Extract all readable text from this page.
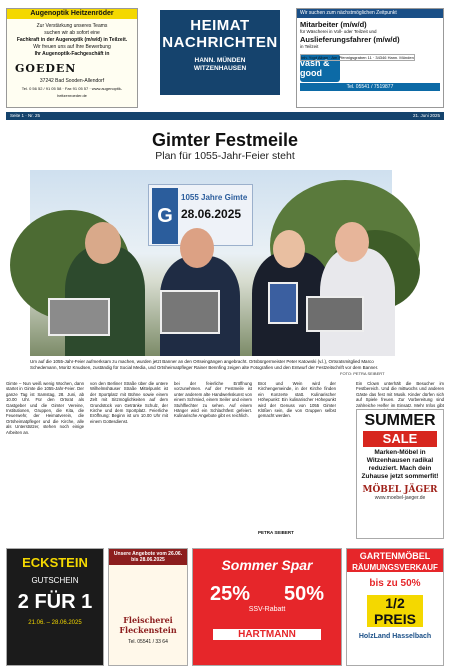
Augenoptik Heitzenröder
Zur Verstärkung unseres Teams
suchen wir ab sofort eine
Fachkraft in der Augenoptik (m/w/d) in Teilzeit.
Wir freuen uns auf Ihre Bewerbung
Ihr Augenoptik-Fachgeschäft in
GOEDEN
37242 Bad Sooden-Allendorf
Tel. 0 56 52 / 91 05 58 · Fax 91 05 57 · www.augenoptik-heitzenroeder.de
HEIMAT
NACHRICHTEN
HANN. MÜNDEN
WITZENHAUSEN
Wir suchen zum nächstmöglichen Zeitpunkt
Mitarbeiter (m/w/d)
für Wäscherei in Voll- oder Teilzeit und
Auslieferungsfahrer (m/w/d)
in Teilzeit
vash & good
Inh. Yıgıt Alban · Am Pfennigsgraben 11 · 34346 Hann. Münden
Tel. 05541 / 7519877
Seite 1 · Nr. 25	21. Juni 2025
Gimter Festmeile
Plan für 1055-Jahr-Feier steht
G
1055 Jahre Gimte
28.06.2025
Um auf die 1055-Jahr-Feier aufmerksam zu machen, wurden jetzt Banner an den Ortseingängen angebracht. Ortsbürgermeister Peter Katowski (v.l.), Ortsratsmitglied Marco Schedemann, Moritz Knudsen, zuständig für Social Media, und Ortsheimatpfleger Rainer Bennfing zeigen alte Fotografien und den Entwurf der Festzeitschrift vor dem Banner.
FOTO: PETRA SEIBERT
Gimte – Nun weiß wenig Wochen, dann startet in Gimte die 1055-Jahr-Feier. Der ganze Tag ist Samstag, 28. Juni, ab 10.00 Uhr. Für den Ortsrat als Gastgeber und die Gimter Vereine, Institutionen, Gruppen, die Kita, die Feuerwehr, der Heimatverein, die Ortsheimatpfleger und die Kirche, alle als Unterstützer, stehen noch einige Arbeiten an.
von den Berliner Straße über die untere Wilhelmshäuser Straße Mittelpunkt ist der Sportplatz mit Bühne sowie einem Zelt mit Sitzmöglichkeiten auf dem Grundstück von Getränke Schulz, der Kirche und dem Sportplatz. Feierliche Eröffnung: Beginn ist um 10.00 Uhr mit einem Gottesdienst.
bei der feierliche Eröffnung vorzunehmen. Auf der Festmeile ist unter anderem alte Handwerkskunst von einem Schmied, einem Seiler und einem Stuhlflechter zu sehen. Auf einem Hänger wird ein Schlachtfest gefeiert. Kulinarische Angebote gibt es reichlich.
Brot und Wein wird der Kirchengemeinde, in der Kirche finden ein Konzerte statt. Kulinarischer Höhepunkt: Ein kulinarischer Höhepunkt wird der Genuss von 1055 Gimter Klößen sein, die von Gruppen selbst gemacht werden.
Ein Clown unterhält die Besucher im Festbereich. Und die mittwochs und anderen Gäste das fest mit Musik. Kinder dürfen sich auf Spiele freuen. Zur Vorbereitung sind zahlreiche Helfer im Einsatz. Mehr Infos gibt
SUMMER
SALE
Marken-Möbel in Witzenhausen radikal reduziert. Mach dein Zuhause jetzt sommerfit!
MÖBEL JÄGER
www.moebel-jaeger.de
PETRA SEIBERT
ECKSTEIN
GUTSCHEIN
2 FÜR 1
21.06. – 28.06.2025
Unsere Angebote vom 26.06. bis 28.06.2025
Fleischerei Fleckenstein
Tel. 05541 / 33 64
Sommer Spar
25% 50%
SSV-Rabatt
HARTMANN
GARTENMÖBEL
RÄUMUNGSVERKAUF
bis zu 50%
1/2 PREIS
HolzLand Hasselbach
